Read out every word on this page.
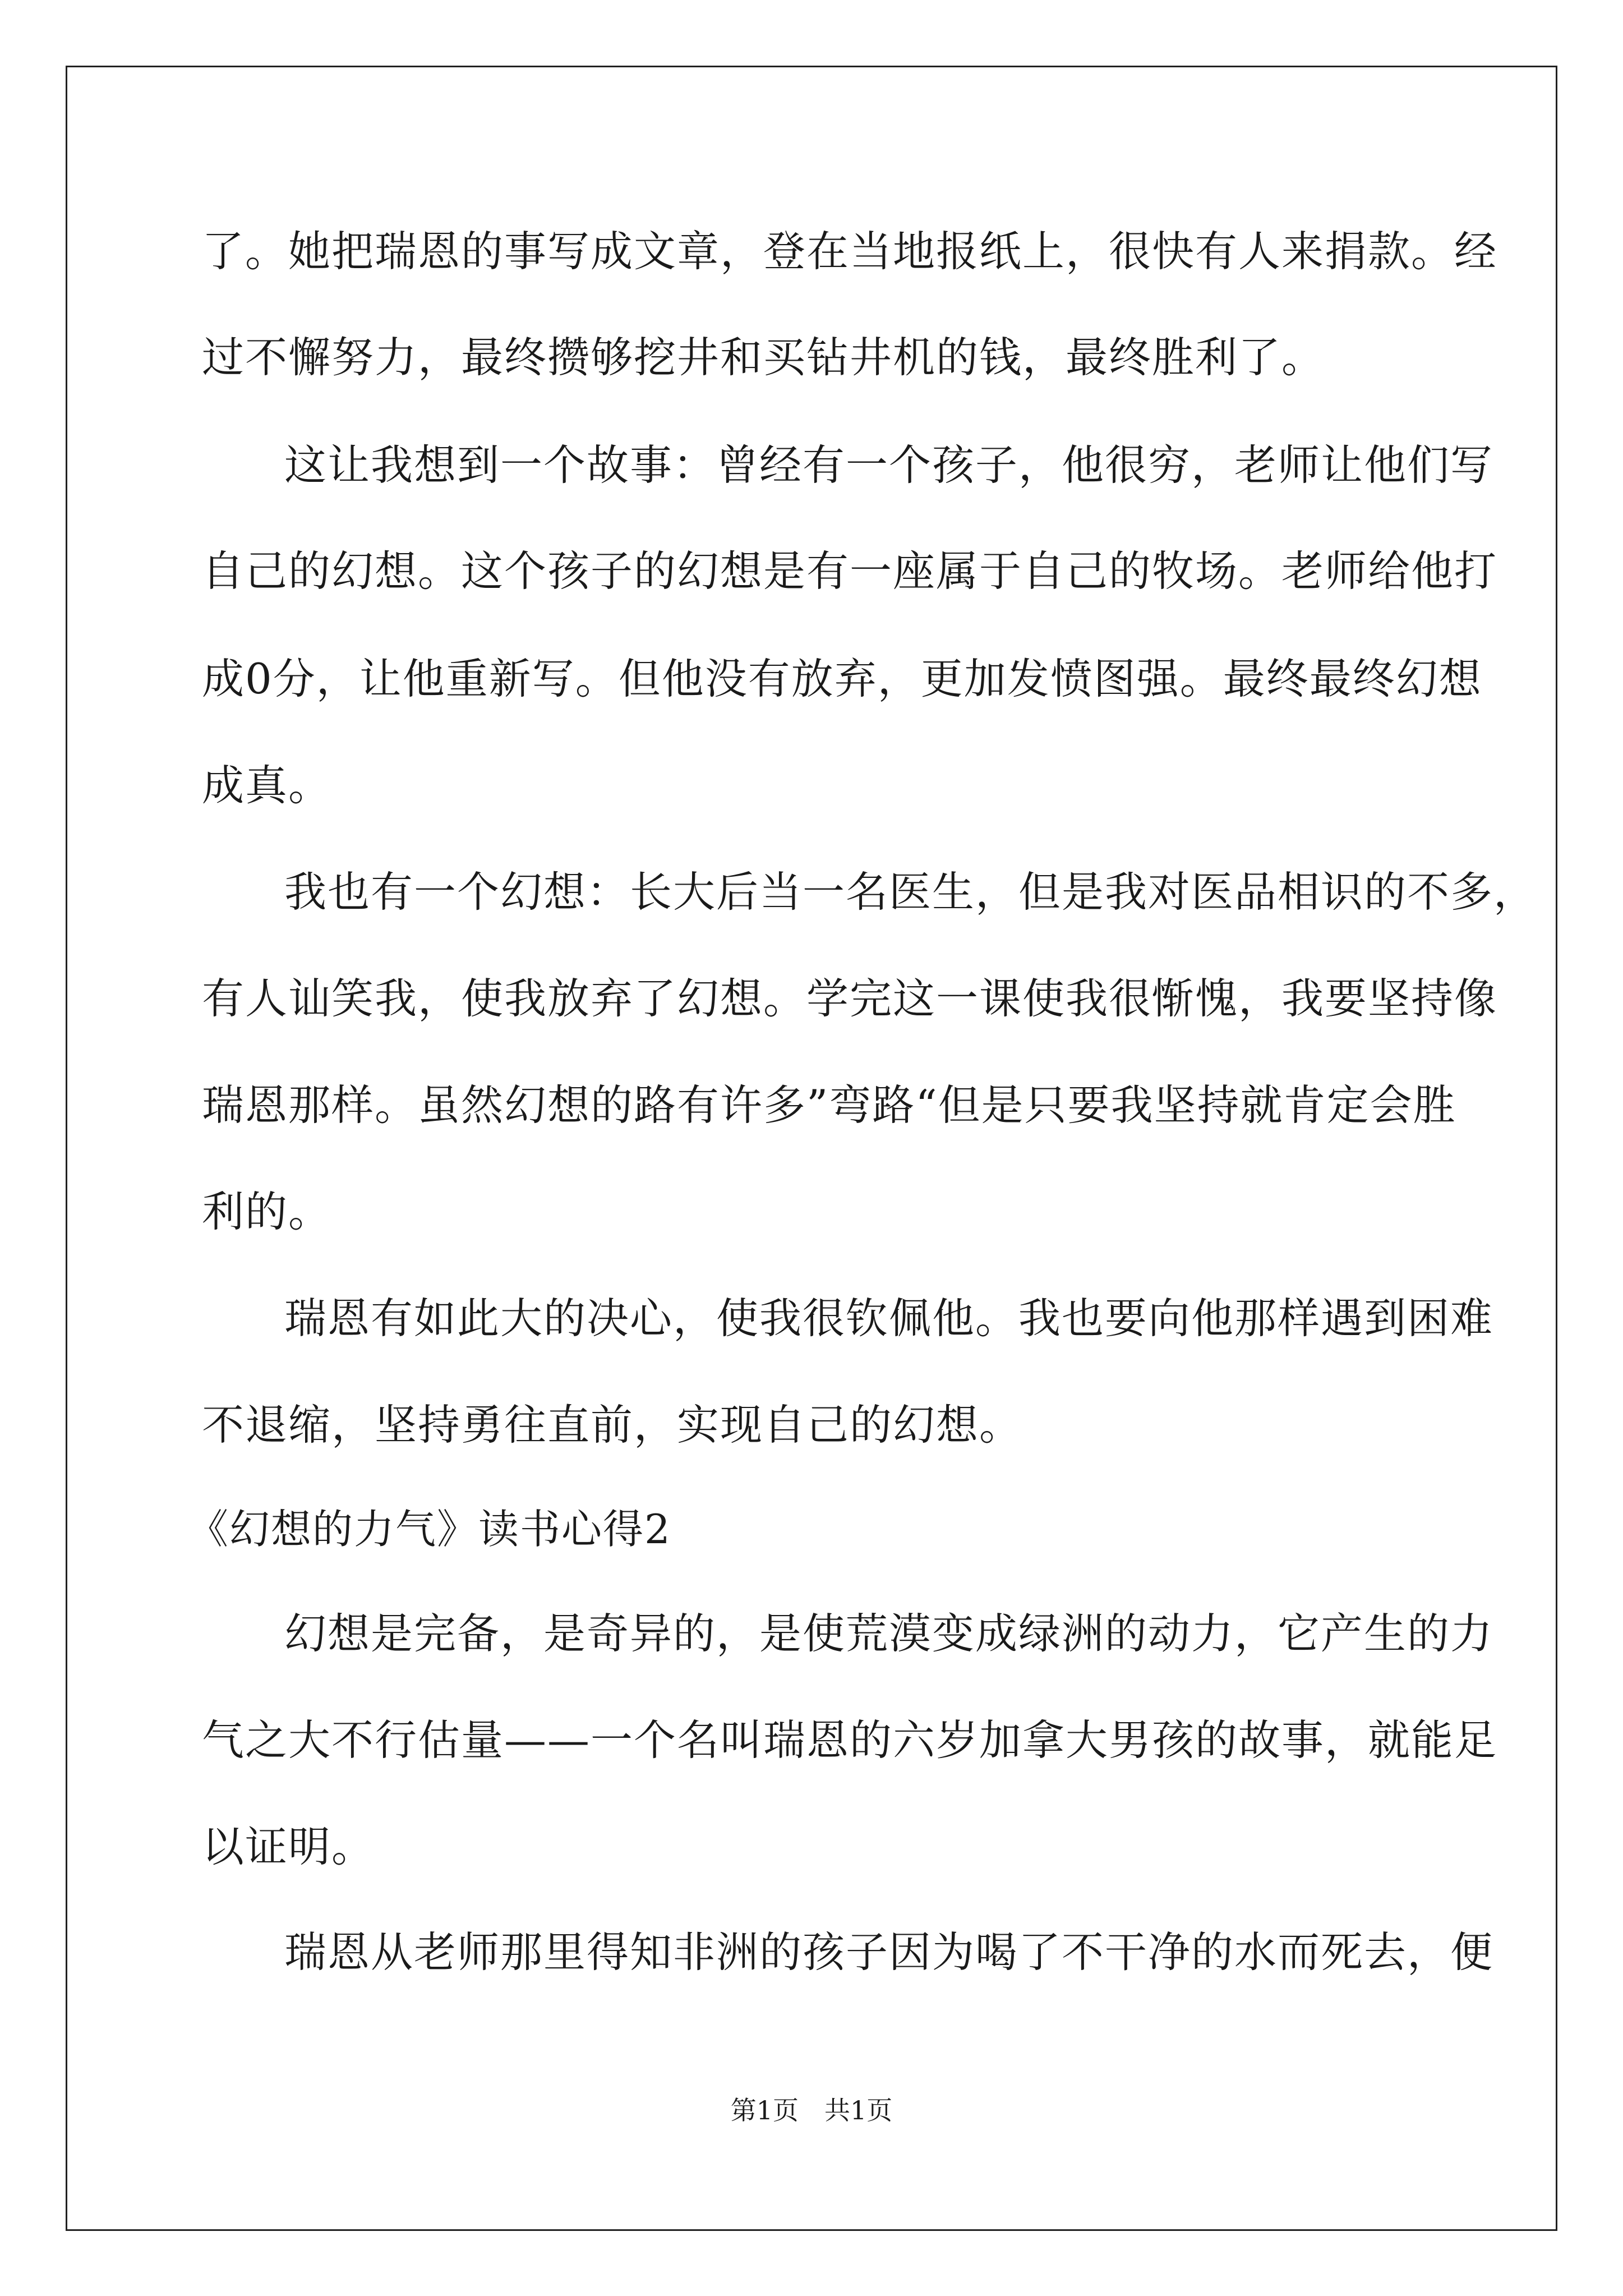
了。她把瑞恩的事写成文章，登在当地报纸上，很快有人来捐款。经
过不懈努力，最终攒够挖井和买钻井机的钱，最终胜利了。
这让我想到一个故事：曾经有一个孩子，他很穷，老师让他们写
自己的幻想。这个孩子的幻想是有一座属于自己的牧场。老师给他打
成0分，让他重新写。但他没有放弃，更加发愤图强。最终最终幻想
成真。
我也有一个幻想：长大后当一名医生，但是我对医品相识的不多，
有人讪笑我，使我放弃了幻想。学完这一课使我很惭愧，我要坚持像
瑞恩那样。虽然幻想的路有许多”弯路“但是只要我坚持就肯定会胜
利的。
瑞恩有如此大的决心，使我很钦佩他。我也要向他那样遇到困难
不退缩，坚持勇往直前，实现自己的幻想。
《幻想的力气》读书心得2
幻想是完备，是奇异的，是使荒漠变成绿洲的动力，它产生的力
气之大不行估量——一个名叫瑞恩的六岁加拿大男孩的故事，就能足
以证明。
瑞恩从老师那里得知非洲的孩子因为喝了不干净的水而死去，便
第1页　共1页
